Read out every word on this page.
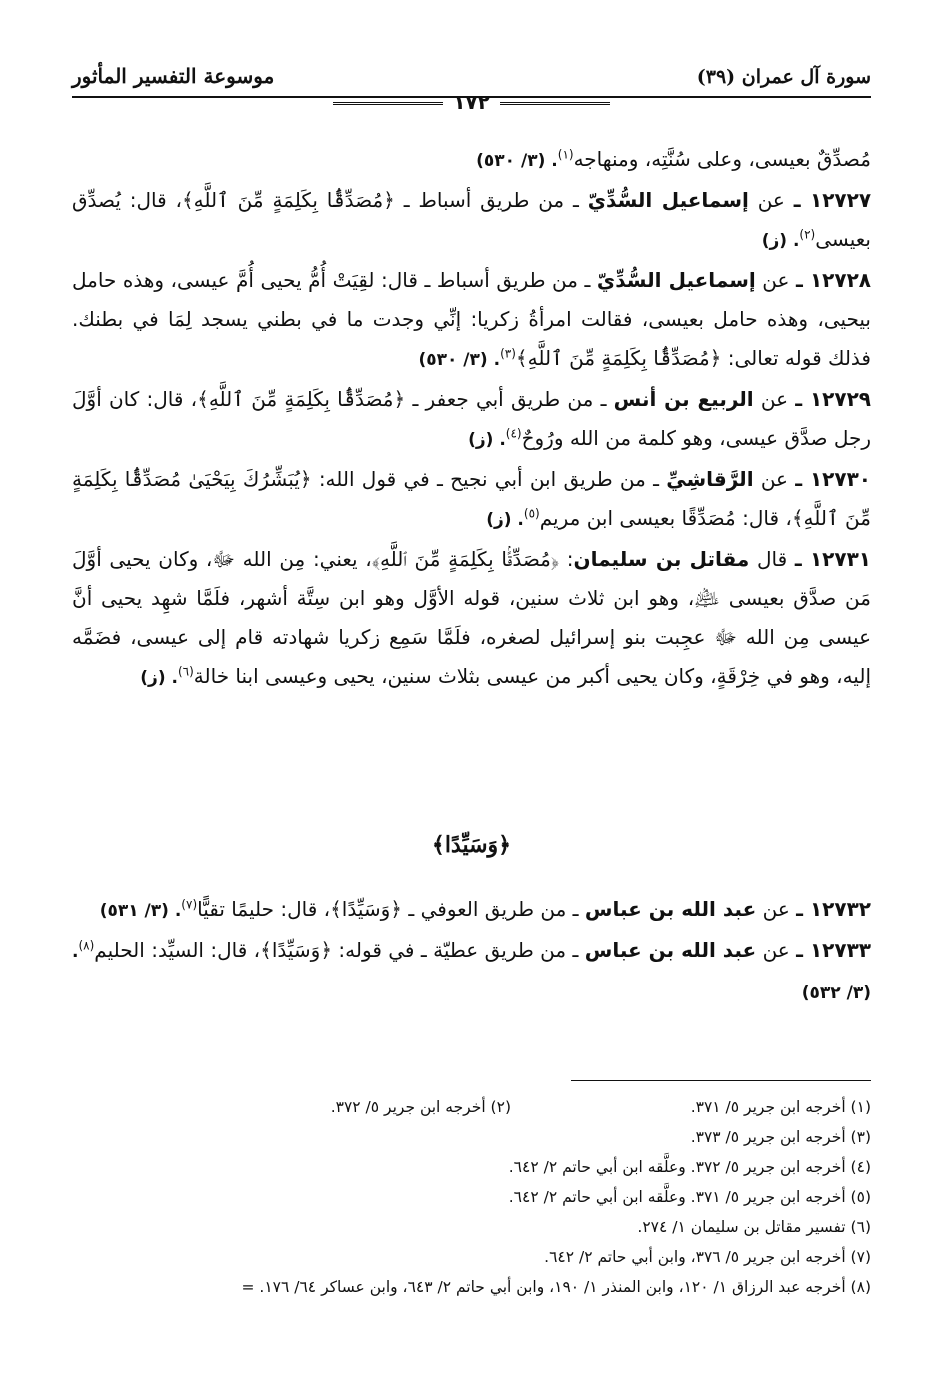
سورة آل عمران (٣٩)
موسوعة التفسير المأثور
١٧٢

مُصدِّقٌ بعيسى، وعلى سُنَّتِه، ومنهاجه$^{(١)}$. (٣/ ٥٣٠)

١٢٧٢٧ ـ عن إسماعيل السُّدِّيّ ـ من طريق أسباط ـ ﴿مُصَدِّقًۢا بِكَلِمَةٍ مِّنَ ٱللَّهِ﴾، قال: يُصدِّق بعيسى$^{(٢)}$. (ز)

١٢٧٢٨ ـ عن إسماعيل السُّدِّيّ ـ من طريق أسباط ـ قال: لقِيَتْ أُمُّ يحيى أُمَّ عيسى، وهذه حامل بيحيى، وهذه حامل بعيسى، فقالت امرأةُ زكريا: إنِّي وجدت ما في بطني يسجد لِمَا في بطنك. فذلك قوله تعالى: ﴿مُصَدِّقًۢا بِكَلِمَةٍ مِّنَ ٱللَّهِ﴾$^{(٣)}$. (٣/ ٥٣٠)

١٢٧٢٩ ـ عن الربيع بن أنس ـ من طريق أبي جعفر ـ ﴿مُصَدِّقًۢا بِكَلِمَةٍ مِّنَ ٱللَّهِ﴾، قال: كان أوَّلَ رجل صدَّق عيسى، وهو كلمة من الله ورُوحٌ$^{(٤)}$. (ز)

١٢٧٣٠ ـ عن الرَّقاشِيِّ ـ من طريق ابن أبي نجيح ـ في قول الله: ﴿يُبَشِّرُكَ بِيَحْيَىٰ مُصَدِّقًۢا بِكَلِمَةٍ مِّنَ ٱللَّهِ﴾، قال: مُصَدِّقًا بعيسى ابن مريم$^{(٥)}$. (ز)

١٢٧٣١ ـ قال مقاتل بن سليمان: ﴿مُصَدِّقًۢا بِكَلِمَةٍ مِّنَ ٱللَّهِ﴾، يعني: مِن الله ﷻ، وكان يحيى أوَّلَ مَن صدَّق بعيسى ﵇، وهو ابن ثلاث سنين، قوله الأوَّل وهو ابن سِتَّة أشهر، فلَمَّا شهِد يحيى أنَّ عيسى مِن الله ﷻ عجِبت بنو إسرائيل لصغره، فلَمَّا سَمِع زكريا شهادته قام إلى عيسى، فضَمَّه إليه، وهو في خِرْقَةٍ، وكان يحيى أكبر من عيسى بثلاث سنين، يحيى وعيسى ابنا خالة$^{(٦)}$. (ز)

﴿وَسَيِّدًا﴾

١٢٧٣٢ ـ عن عبد الله بن عباس ـ من طريق العوفي ـ ﴿وَسَيِّدًا﴾، قال: حليمًا تقيًّا$^{(٧)}$. (٣/ ٥٣١)

١٢٧٣٣ ـ عن عبد الله بن عباس ـ من طريق عطيّة ـ في قوله: ﴿وَسَيِّدًا﴾، قال: السيِّد: الحليم$^{(٨)}$. (٣/ ٥٣٢)

(١) أخرجه ابن جرير ٥/ ٣٧١.

(٢) أخرجه ابن جرير ٥/ ٣٧٢.

(٣) أخرجه ابن جرير ٥/ ٣٧٣.

(٤) أخرجه ابن جرير ٥/ ٣٧٢. وعلَّقه ابن أبي حاتم ٢/ ٦٤٢.

(٥) أخرجه ابن جرير ٥/ ٣٧١. وعلَّقه ابن أبي حاتم ٢/ ٦٤٢.

(٦) تفسير مقاتل بن سليمان ١/ ٢٧٤.

(٧) أخرجه ابن جرير ٥/ ٣٧٦، وابن أبي حاتم ٢/ ٦٤٢.

(٨) أخرجه عبد الرزاق ١/ ١٢٠، وابن المنذر ١/ ١٩٠، وابن أبي حاتم ٢/ ٦٤٣، وابن عساكر ٦٤/ ١٧٦. =
